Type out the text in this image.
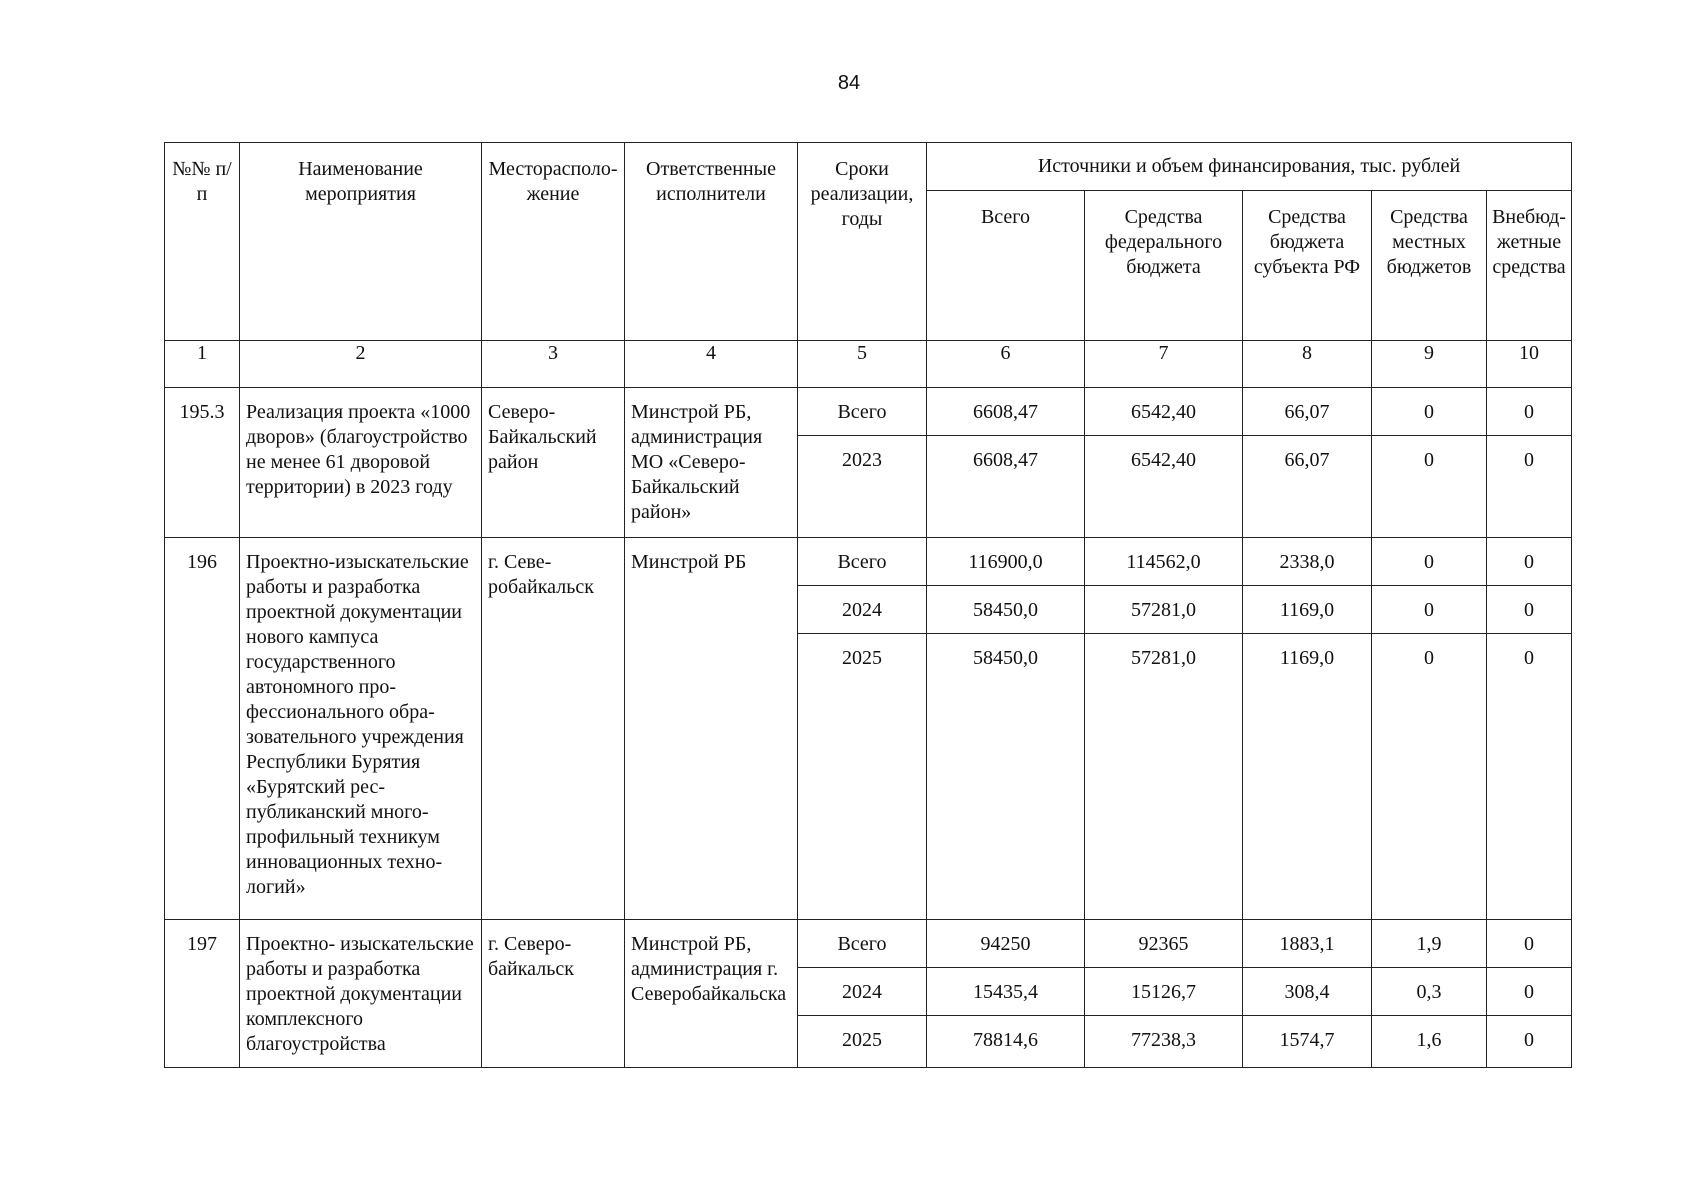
84
№№ п/п	Наименование мероприятия	Месторасположение	Ответственные исполнители	Сроки реализации, годы	Источники и объем финансирования, тыс. рублей				

					Всего	Средства федерального бюджета	Средства бюджета субъекта РФ	Средства местных бюджетов	Внебюджетные средства

1	2	3	4	5	6	7	8	9	10

195.3	Реализация проекта «1000 дворов» (благоустройство не менее 61 дворовой территории) в 2023 году	Северо-Байкальский район	Минстрой РБ, администрация МО «Северо-Байкальский район»	Всего	6608,47	6542,40	66,07	0	0

				2023	6608,47	6542,40	66,07	0	0

196	Проектно-изыскательские работы и разработка проектной документации нового кампуса государственного автономного профессионального образовательного учреждения Республики Бурятия «Бурятский республиканский многопрофильный техникум инновационных технологий»	г. Северобайкальск	Минстрой РБ	Всего	116900,0	114562,0	2338,0	0	0

				2024	58450,0	57281,0	1169,0	0	0

				2025	58450,0	57281,0	1169,0	0	0

197	Проектно- изыскательские работы и разработка проектной документации комплексного благоустройства	г. Северобайкальск	Минстрой РБ, администрация г. Северобайкальска	Всего	94250	92365	1883,1	1,9	0

				2024	15435,4	15126,7	308,4	0,3	0

				2025	78814,6	77238,3	1574,7	1,6	0
